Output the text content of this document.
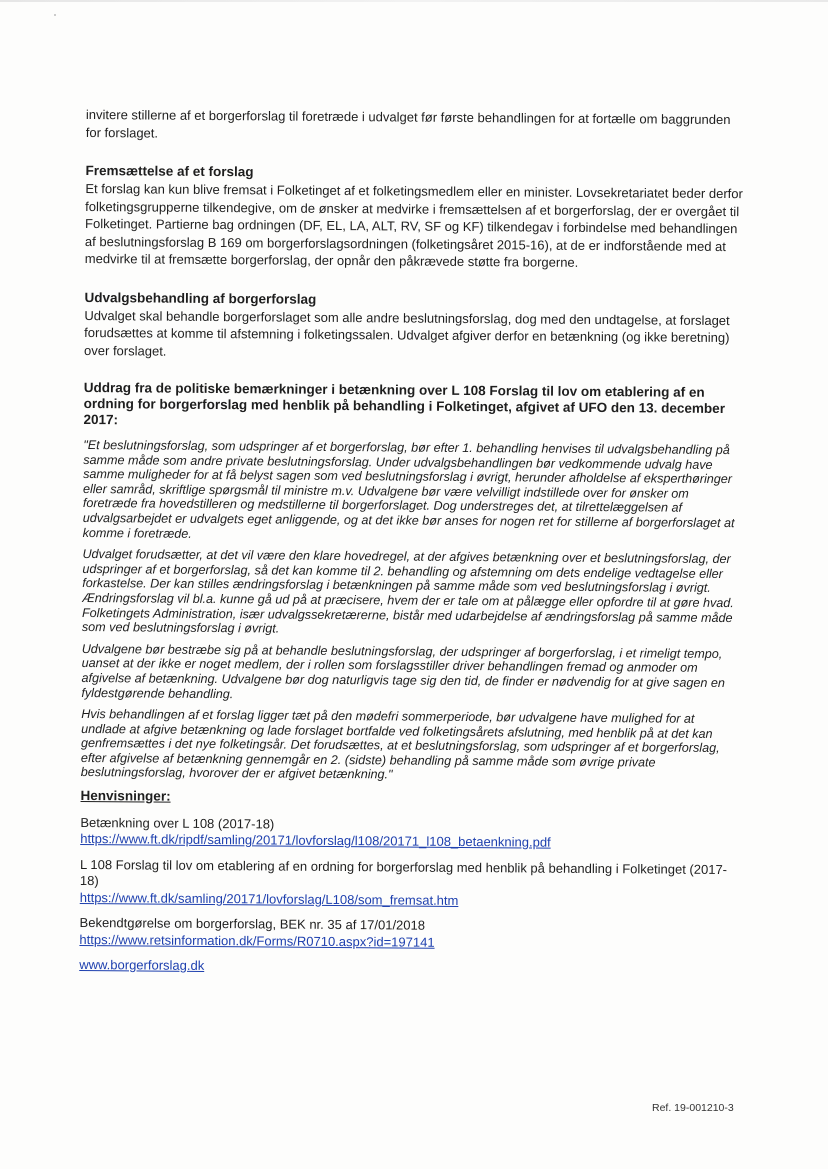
invitere stillerne af et borgerforslag til foretræde i udvalget før første behandlingen for at fortælle om baggrunden for forslaget.

Fremsættelse af et forslag

Et forslag kan kun blive fremsat i Folketinget af et folketingsmedlem eller en minister. Lovsekretariatet beder derfor folketingsgrupperne tilkendegive, om de ønsker at medvirke i fremsættelsen af et borgerforslag, der er overgået til Folketinget. Partierne bag ordningen (DF, EL, LA, ALT, RV, SF og KF) tilkendegav i forbindelse med behandlingen af beslutningsforslag B 169 om borgerforslagsordningen (folketingsåret 2015-16), at de er indforstående med at medvirke til at fremsætte borgerforslag, der opnår den påkrævede støtte fra borgerne.

Udvalgsbehandling af borgerforslag

Udvalget skal behandle borgerforslaget som alle andre beslutningsforslag, dog med den undtagelse, at forslaget forudsættes at komme til afstemning i folketingssalen. Udvalget afgiver derfor en betænkning (og ikke beretning) over forslaget.

Uddrag fra de politiske bemærkninger i betænkning over L 108 Forslag til lov om etablering af en ordning for borgerforslag med henblik på behandling i Folketinget, afgivet af UFO den 13. december 2017:

"Et beslutningsforslag, som udspringer af et borgerforslag, bør efter 1. behandling henvises til udvalgsbehandling på samme måde som andre private beslutningsforslag. Under udvalgsbehandlingen bør vedkommende udvalg have samme muligheder for at få belyst sagen som ved beslutningsforslag i øvrigt, herunder afholdelse af eksperthøringer eller samråd, skriftlige spørgsmål til ministre m.v. Udvalgene bør være velvilligt indstillede over for ønsker om foretræde fra hovedstilleren og medstillerne til borgerforslaget. Dog understreges det, at tilrettelæggelsen af udvalgsarbejdet er udvalgets eget anliggende, og at det ikke bør anses for nogen ret for stillerne af borgerforslaget at komme i foretræde.

Udvalget forudsætter, at det vil være den klare hovedregel, at der afgives betænkning over et beslutningsforslag, der udspringer af et borgerforslag, så det kan komme til 2. behandling og afstemning om dets endelige vedtagelse eller forkastelse. Der kan stilles ændringsforslag i betænkningen på samme måde som ved beslutningsforslag i øvrigt. Ændringsforslag vil bl.a. kunne gå ud på at præcisere, hvem der er tale om at pålægge eller opfordre til at gøre hvad. Folketingets Administration, især udvalgssekretærerne, bistår med udarbejdelse af ændringsforslag på samme måde som ved beslutningsforslag i øvrigt.

Udvalgene bør bestræbe sig på at behandle beslutningsforslag, der udspringer af borgerforslag, i et rimeligt tempo, uanset at der ikke er noget medlem, der i rollen som forslagsstiller driver behandlingen fremad og anmoder om afgivelse af betænkning. Udvalgene bør dog naturligvis tage sig den tid, de finder er nødvendig for at give sagen en fyldestgørende behandling.

Hvis behandlingen af et forslag ligger tæt på den mødefri sommerperiode, bør udvalgene have mulighed for at undlade at afgive betænkning og lade forslaget bortfalde ved folketingsårets afslutning, med henblik på at det kan genfremsættes i det nye folketingsår. Det forudsættes, at et beslutningsforslag, som udspringer af et borgerforslag, efter afgivelse af betænkning gennemgår en 2. (sidste) behandling på samme måde som øvrige private beslutningsforslag, hvorover der er afgivet betænkning."

Henvisninger:
Betænkning over L 108 (2017-18)
https://www.ft.dk/ripdf/samling/20171/lovforslag/l108/20171_l108_betaenkning.pdf
L 108 Forslag til lov om etablering af en ordning for borgerforslag med henblik på behandling i Folketinget (2017-18)
https://www.ft.dk/samling/20171/lovforslag/L108/som_fremsat.htm
Bekendtgørelse om borgerforslag, BEK nr. 35 af 17/01/2018
https://www.retsinformation.dk/Forms/R0710.aspx?id=197141
www.borgerforslag.dk
Ref. 19-001210-3
